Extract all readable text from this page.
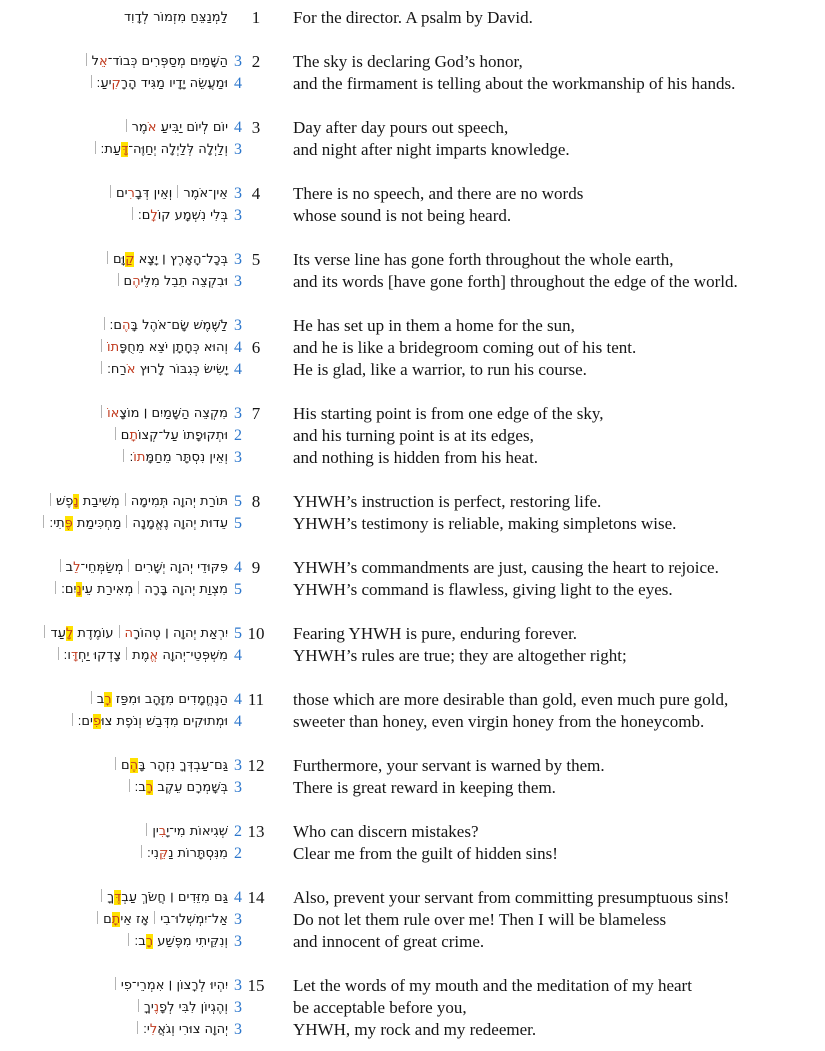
לַמְנַצֵּחַ מִזְמוֹר לְדָוִד	1	For the director. A psalm by David.
הַשָּׁמַיִם מְסַפְּרִים כְּבוֹד־אֵל	3 2	The sky is declaring God’s honor,
וּמַעֲשֵׂה יָדָיו מַגִּיד הָרָקִיעַ׃	4	and the firmament is telling about the workmanship of his hands.
יוֹם לְיוֹם יַבִּיעַ אֹמֶר	4 3	Day after day pours out speech,
וְלַיְלָה לְּלַיְלָה יְחַוֶּה־דָּעַת׃	3	and night after night imparts knowledge.
אֵין־אֹמֶרוְאֵין דְּבָרִים	3 4	There is no speech, and there are no words
בְּלִי נִשְׁמָע קוֹלָם׃	3	whose sound is not being heard.
בְּכָל־הָאָרֶץ ׀ יָצָא קַוָּם	3 5	Its verse line has gone forth throughout the whole earth,
וּבִקְצֵה תֵבֵל מִלֵּיהֶם	3	and its words [have gone forth] throughout the edge of the world.
לַשֶּׁמֶשׁ שָׂם־אֹהֶל בָּהֶם׃	3	He has set up in them a home for the sun,
וְהוּא כְּחָתָן יֹצֵא מֵחֻפָּתוֹ	4 6	and he is like a bridegroom coming out of his tent.
יָשִׂישׂ כְּגִבּוֹר לָרוּץ אֹרַח׃	4	He is glad, like a warrior, to run his course.
מִקְצֵה הַשָּׁמַיִם ׀ מוֹצָאוֹ	3 7	His starting point is from one edge of the sky,
וּתְקוּפָתוֹ עַל־קְצוֹתָם	2	and his turning point is at its edges,
וְאֵין נִסְתָּר מֵחַמָּתוֹ׃	3	and nothing is hidden from his heat.
תּוֹרַת יְהוָה תְּמִימָהמְשִׁיבַת נָפֶשׁ	5 8	YHWH’s instruction is perfect, restoring life.
עֵדוּת יְהוָה נֶאֱמָנָהמַחְכִּימַת פֶּתִי׃	5	YHWH’s testimony is reliable, making simpletons wise.
פִּקּוּדֵי יְהוָה יְשָׁרִיםמְשַׂמְּחֵי־לֵב	4 9	YHWH’s commandments are just, causing the heart to rejoice.
מִצְוַת יְהוָה בָּרָהמְאִירַת עֵינָיִם׃	5	YHWH’s command is flawless, giving light to the eyes.
יִרְאַת יְהוָה ׀ טְהוֹרָהעוֹמֶדֶת לָעַד	5 10	Fearing YHWH is pure, enduring forever.
מִשְׁפְּטֵי־יְהוָה אֱמֶתצָדְקוּ יַחְדָּו׃	4	YHWH’s rules are true; they are altogether right;
הַנֶּחֱמָדִים מִזָּהָב וּמִפַּז רָב	4 11	those which are more desirable than gold, even much pure gold,
וּמְתוּקִים מִדְּבַשׁ וְנֹפֶת צוּפִים׃	4	sweeter than honey, even virgin honey from the honeycomb.
גַּם־עַבְדְּךָ נִזְהָר בָּהֶם	3 12	Furthermore, your servant is warned by them.
בְּשָׁמְרָם עֵקֶב רָב׃	3	There is great reward in keeping them.
שְׁגִיאוֹת מִי־יָבִין	2 13	Who can discern mistakes?
מִנִּסְתָּרוֹת נַקֵּנִי׃	2	Clear me from the guilt of hidden sins!
גַּם מִזֵּדִים ׀ חֲשֹׂךְ עַבְדֶּךָ	4 14	Also, prevent your servant from committing presumptuous sins!
אַל־יִמְשְׁלוּ־בִיאָז אֵיתָם	3	Do not let them rule over me! Then I will be blameless
וְנִקֵּיתִי מִפֶּשַׁע רָב׃	3	and innocent of great crime.
יִהְיוּ לְרָצוֹן ׀ אִמְרֵי־פִי 3 15	Let the words of my mouth and the meditation of my heart
וְהֶגְיוֹן לִבִּי לְפָנֶיךָ	3	be acceptable before you,
יְהוָה צוּרִי וְגֹאֲלִי׃	3	YHWH, my rock and my redeemer.
